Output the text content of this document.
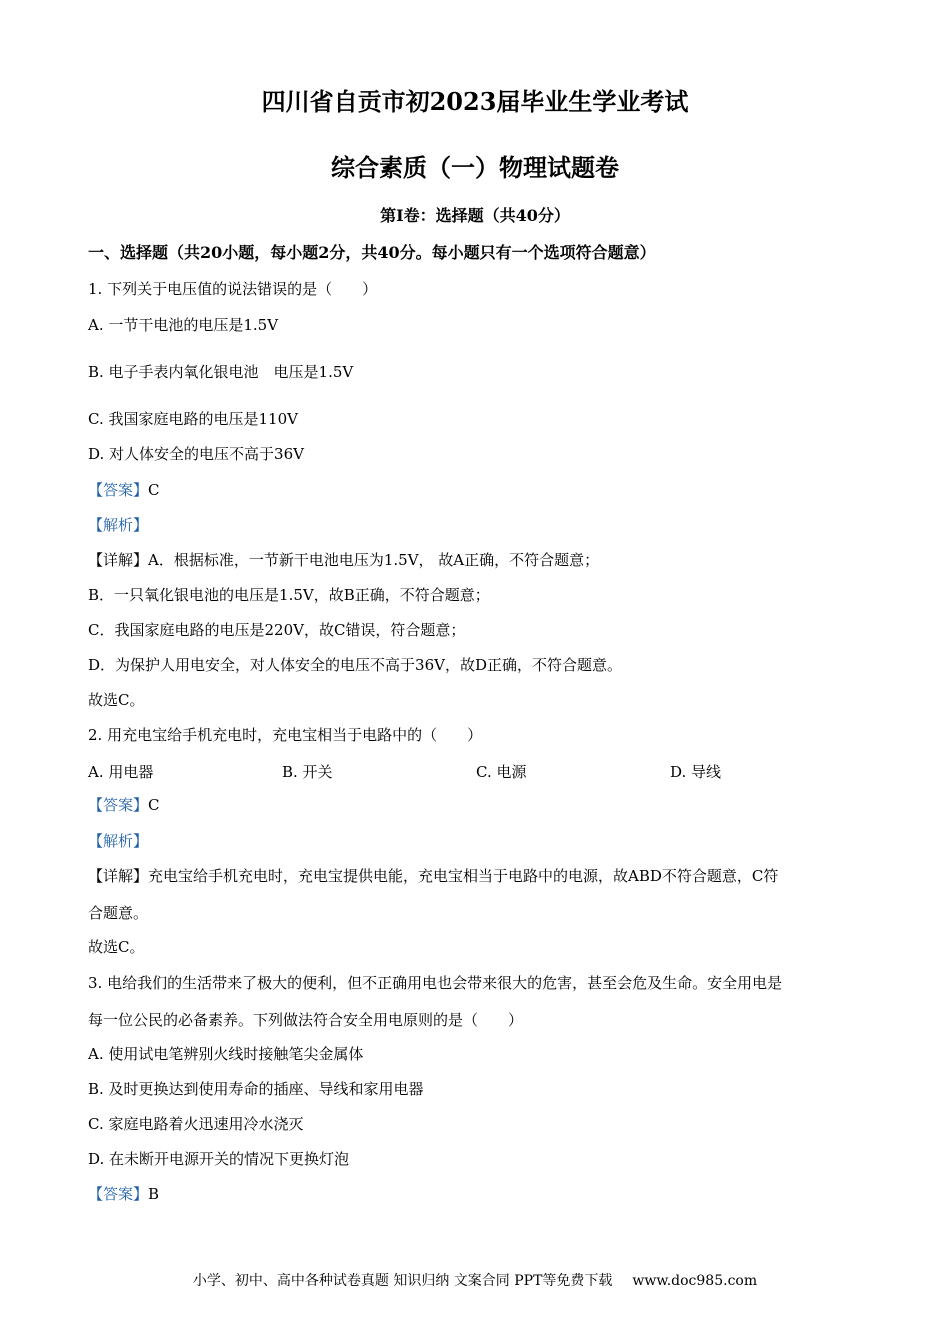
四川省自贡市初2023届毕业生学业考试
综合素质（一）物理试题卷
第Ⅰ卷：选择题（共40分）
一、选择题（共20小题，每小题2分，共40分。每小题只有一个选项符合题意）
1. 下列关于电压值的说法错误的是（　　）
A. 一节干电池的电压是1.5V
B. 电子手表内氧化银电池　电压是1.5V
C. 我国家庭电路的电压是110V
D. 对人体安全的电压不高于36V
【答案】C
【解析】
【详解】A．根据标准，一节新干电池电压为1.5V， 故A正确，不符合题意；
B．一只氧化银电池的电压是1.5V，故B正确，不符合题意；
C．我国家庭电路的电压是220V，故C错误，符合题意；
D．为保护人用电安全，对人体安全的电压不高于36V，故D正确，不符合题意。
故选C。
2. 用充电宝给手机充电时，充电宝相当于电路中的（　　）
A. 用电器	B. 开关	C. 电源	D. 导线
【答案】C
【解析】
【详解】充电宝给手机充电时，充电宝提供电能，充电宝相当于电路中的电源，故ABD不符合题意，C符
合题意。
故选C。
3. 电给我们的生活带来了极大的便利，但不正确用电也会带来很大的危害，甚至会危及生命。安全用电是
每一位公民的必备素养。下列做法符合安全用电原则的是（　　）
A. 使用试电笔辨别火线时接触笔尖金属体
B. 及时更换达到使用寿命的插座、导线和家用电器
C. 家庭电路着火迅速用冷水浇灭
D. 在未断开电源开关的情况下更换灯泡
【答案】B
小学、初中、高中各种试卷真题 知识归纳 文案合同 PPT等免费下载 www.doc985.com
